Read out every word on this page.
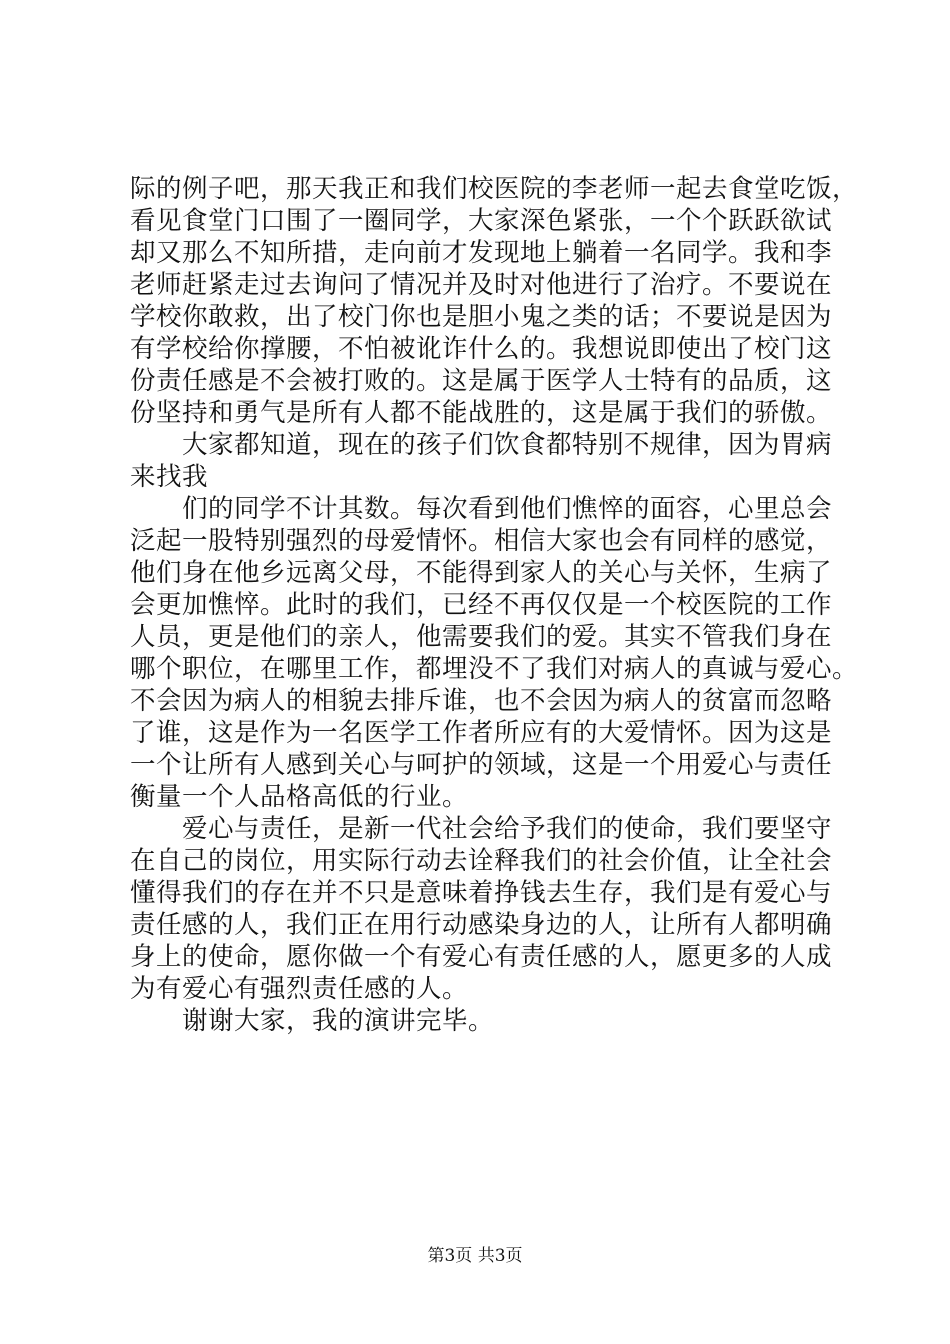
际的例子吧，那天我正和我们校医院的李老师一起去食堂吃饭，
看见食堂门口围了一圈同学，大家深色紧张，一个个跃跃欲试
却又那么不知所措，走向前才发现地上躺着一名同学。我和李
老师赶紧走过去询问了情况并及时对他进行了治疗。不要说在
学校你敢救，出了校门你也是胆小鬼之类的话；不要说是因为
有学校给你撑腰，不怕被讹诈什么的。我想说即使出了校门这
份责任感是不会被打败的。这是属于医学人士特有的品质，这
份坚持和勇气是所有人都不能战胜的，这是属于我们的骄傲。
　　大家都知道，现在的孩子们饮食都特别不规律，因为胃病
来找我
　　们的同学不计其数。每次看到他们憔悴的面容，心里总会
泛起一股特别强烈的母爱情怀。相信大家也会有同样的感觉，
他们身在他乡远离父母，不能得到家人的关心与关怀，生病了
会更加憔悴。此时的我们，已经不再仅仅是一个校医院的工作
人员，更是他们的亲人，他需要我们的爱。其实不管我们身在
哪个职位，在哪里工作，都埋没不了我们对病人的真诚与爱心。
不会因为病人的相貌去排斥谁，也不会因为病人的贫富而忽略
了谁，这是作为一名医学工作者所应有的大爱情怀。因为这是
一个让所有人感到关心与呵护的领域，这是一个用爱心与责任
衡量一个人品格高低的行业。
　　爱心与责任，是新一代社会给予我们的使命，我们要坚守
在自己的岗位，用实际行动去诠释我们的社会价值，让全社会
懂得我们的存在并不只是意味着挣钱去生存，我们是有爱心与
责任感的人，我们正在用行动感染身边的人，让所有人都明确
身上的使命，愿你做一个有爱心有责任感的人，愿更多的人成
为有爱心有强烈责任感的人。
　　谢谢大家，我的演讲完毕。
第3页 共3页
